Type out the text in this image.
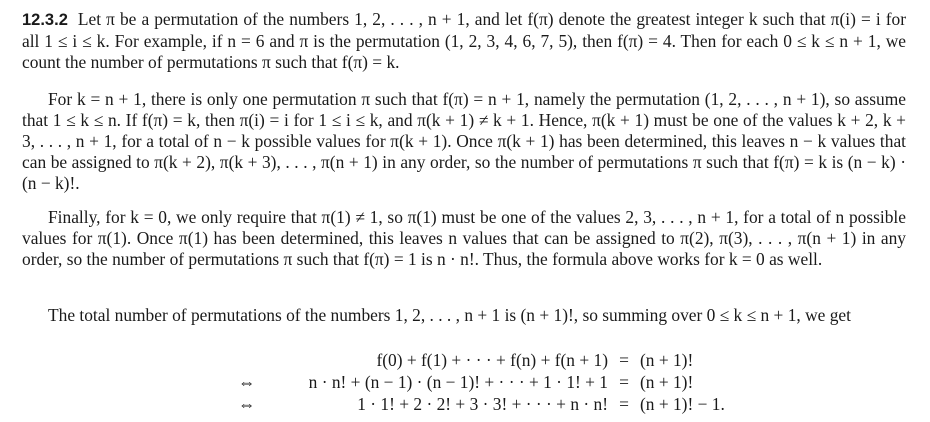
12.3.2 Let π be a permutation of the numbers 1, 2, . . . , n + 1, and let f(π) denote the greatest integer k such that π(i) = i for all 1 ≤ i ≤ k. For example, if n = 6 and π is the permutation (1, 2, 3, 4, 6, 7, 5), then f(π) = 4. Then for each 0 ≤ k ≤ n + 1, we count the number of permutations π such that f(π) = k.
For k = n + 1, there is only one permutation π such that f(π) = n + 1, namely the permutation (1, 2, . . . , n + 1), so assume that 1 ≤ k ≤ n. If f(π) = k, then π(i) = i for 1 ≤ i ≤ k, and π(k + 1) ≠ k + 1. Hence, π(k + 1) must be one of the values k + 2, k + 3, . . . , n + 1, for a total of n − k possible values for π(k + 1). Once π(k + 1) has been determined, this leaves n − k values that can be assigned to π(k + 2), π(k + 3), . . . , π(n + 1) in any order, so the number of permutations π such that f(π) = k is (n − k) · (n − k)!.
Finally, for k = 0, we only require that π(1) ≠ 1, so π(1) must be one of the values 2, 3, . . . , n + 1, for a total of n possible values for π(1). Once π(1) has been determined, this leaves n values that can be assigned to π(2), π(3), . . . , π(n + 1) in any order, so the number of permutations π such that f(π) = 1 is n · n!. Thus, the formula above works for k = 0 as well.
The total number of permutations of the numbers 1, 2, . . . , n + 1 is (n + 1)!, so summing over 0 ≤ k ≤ n + 1, we get
f(0) + f(1) + · · · + f(n) + f(n + 1) = (n + 1)!
⇔	n · n! + (n − 1) · (n − 1)! + · · · + 1 · 1! + 1 = (n + 1)!
⇔	1 · 1! + 2 · 2! + 3 · 3! + · · · + n · n! = (n + 1)! − 1.
